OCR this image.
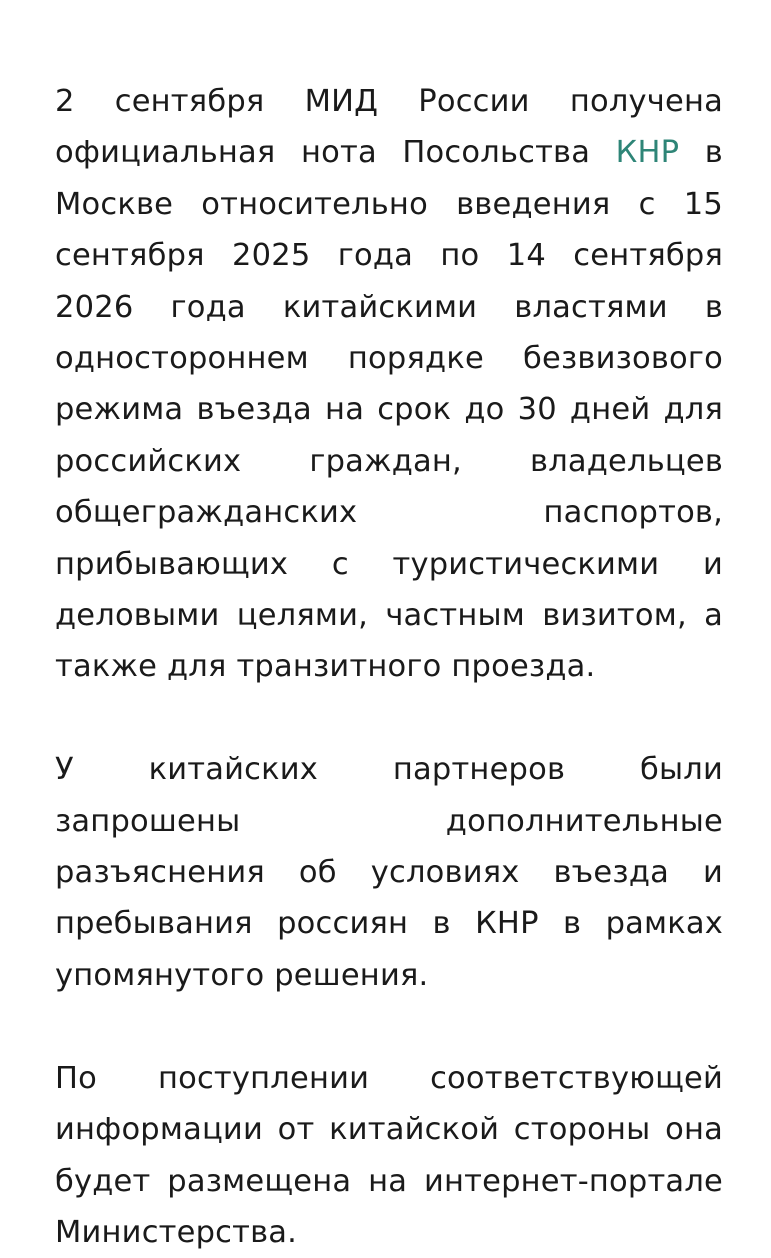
2 сентября МИД России получена официальная нота Посольства КНР в Москве относительно введения с 15 сентября 2025 года по 14 сентября 2026 года китайскими властями в одностороннем порядке безвизового режима въезда на срок до 30 дней для российских граждан, владельцев общегражданских паспортов, прибывающих с туристическими и деловыми целями, частным визитом, а также для транзитного проезда.

У китайских партнеров были запрошены дополнительные разъяснения об условиях въезда и пребывания россиян в КНР в рамках упомянутого решения.

По поступлении соответствующей информации от китайской стороны она будет размещена на интернет-портале Министерства.
